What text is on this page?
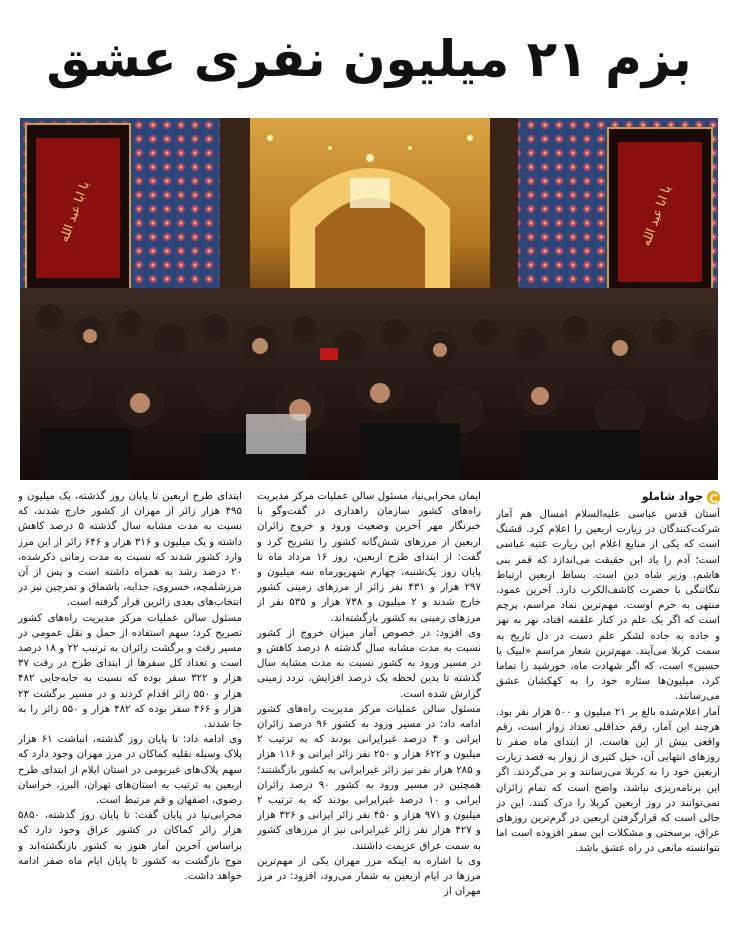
بزم ۲۱ میلیون نفری عشق
یا ابا عبد الله	یا ابا عبد الله
جواد شاملو

آستان قدس عباسی علیه‌السلام امسال هم آمار شرکت‌کنندگان در زیارت اربعین را اعلام کرد. قشنگ است که یکی از منابع اعلام این زیارت عتبه عباسی است؛ آدم را یاد این حقیقت می‌اندازد که قمر بنی هاشم، وزیر شاه دین است. بساط اربعین ارتباط تنگاتنگی با حضرت کاشف‌الکرب دارد. آخرین عمود، منتهی به حرم اوست. مهم‌ترین نماد مراسم، پرچم است که اگر یک علم در کنار علقمه افتاد، نهر به نهر و جاده به جاده لشکر علم دست در دل تاریخ به سمت کربلا می‌آیند. مهم‌ترین شعار مراسم «لبیک یا حسین» است، که اگر شهادت ماه، خورشید را تماما کرد، میلیون‌ها ستاره خود را به کهکشان عشق می‌رسانند.

آمار اعلام‌شده بالغ بر ۲۱ میلیون و ۵۰۰ هزار نفر بود. هرچند این آمار، رقم حداقلی تعداد زوار است، رقم واقعی بیش از این هاست. از ابتدای ماه صفر تا روزهای انتهایی آن، خیل کثیری از زوار به قصد زیارت اربعین خود را به کربلا می‌رسانند و بر می‌گردند. اگر این برنامه‌ریزی نباشد، واضح است که تمام زائران نمی‌توانند در روز اربعین کربلا را درک کنند. این در حالی است که قرارگرفتن اربعین در گرم‌ترین روزهای عراق، برسختی و مشکلات این سفر افزوده است اما نتوانسته مانعی در راه عشق باشد.

ایمان محرابی‌نیا، مسئول سالن عملیات مرکز مدیریت راه‌های کشور سازمان راهداری در گفت‌وگو با خبرنگار مهر آخرین وضعیت ورود و خروج زائران اربعین از مرزهای شش‌گانه کشور را تشریح کرد و گفت: از ابتدای طرح اربعین، روز ۱۶ مرداد ماه تا پایان روز یک‌شنبه، چهارم شهریورماه سه میلیون و ۲۹۷ هزار و ۴۳۱ نفر زائر از مرزهای زمینی کشور خارج شدند و ۲ میلیون و ۷۳۸ هزار و ۵۳۵ نفر از مرزهای زمینی به کشور بازگشته‌اند.

وی افزود: در خصوص آمار میزان خروج از کشور نسبت به مدت مشابه سال گذشته ۸ درصد کاهش و در مسیر ورود به کشور نسبت به مدت مشابه سال گذشته تا بدین لحظه یک درصد افزایش، تردد زمینی گزارش شده است.

مسئول سالن عملیات مرکز مدیریت راه‌های کشور ادامه داد: در مسیر ورود به کشور ۹۶ درصد زائران ایرانی و ۴ درصد غیرایرانی بودند که به ترتیب ۲ میلیون و ۶۲۲ هزار و ۲۵۰ نفر زائر ایرانی و ۱۱۶ هزار و ۲۸۵ هزار نفر نیز زائر غیرایرانی به کشور بازگشتند؛ همچنین در مسیر ورود به کشور ۹۰ درصد زائران ایرانی و ۱۰ درصد غیرایرانی بودند که به ترتیب ۲ میلیون و ۹۷۱ هزار و ۴۵۰ نفر زائر ایرانی و ۳۲۶ هزار و ۴۲۷ هزار نفر زائر غیرایرانی نیز از مرزهای کشور به سمت عراق عزیمت داشتند.

وی با اشاره به اینکه مرز مهران یکی از مهم‌ترین مرزها در ایام اربعین به شمار می‌رود، افزود: در مرز مهران از

ابتدای طرح اربعین تا پایان روز گذشته، یک میلیون و ۴۹۵ هزار زائر از مهران از کشور خارج شدند، که نسبت به مدت مشابه سال گذشته ۵ درصد کاهش داشته و یک میلیون و ۳۱۶ هزار و ۶۴۶ زائر از این مرز وارد کشور شدند که نسبت به مدت زمانی ذکرشده، ۲۰ درصد رشد به همراه داشته است و پس از آن مرزشلمچه، خسروی، جذابه، باشماق و تمرچین نیز در انتخاب‌های بعدی زائرین قرار گرفته است.

مسئول سالن عملیات مرکز مدیریت راه‌های کشور تصریح کرد: سهم استفاده از حمل و نقل عمومی در مسیر رفت و برگشت زائران به ترتیب ۲۲ و ۱۸ درصد است و تعداد کل سفرها از ابتدای طرح در رفت ۳۷ هزار و ۳۲۲ سفر بوده که نسبت به جابه‌جایی ۴۸۲ هزار و ۵۵۰ زائر اقدام کردند و در مسیر برگشت ۲۳ هزار و ۴۶۶ سفر بوده که ۴۸۲ هزار و ۵۵۰ زائر را به جا شدند.

وی ادامه داد: تا پایان روز گذشته، انباشت ۶۱ هزار پلاک وسیله نقلیه کماکان در مرز مهران وجود دارد که سهم پلاک‌های غیربومی در استان ایلام از ابتدای طرح اربعین به ترتیب به استان‌های تهران، البرز، خراسان رضوی، اصفهان و قم مرتبط است.

محرابی‌نیا در پایان گفت: تا پایان روز گذشته، ۵۸۵۰ هزار زائر کماکان در کشور عراق وجود دارد که براساس آخرین آمار هنوز به کشور بازنگشته‌اند و موج بازگشت به کشور تا پایان ایام ماه صفر ادامه خواهد داشت.
